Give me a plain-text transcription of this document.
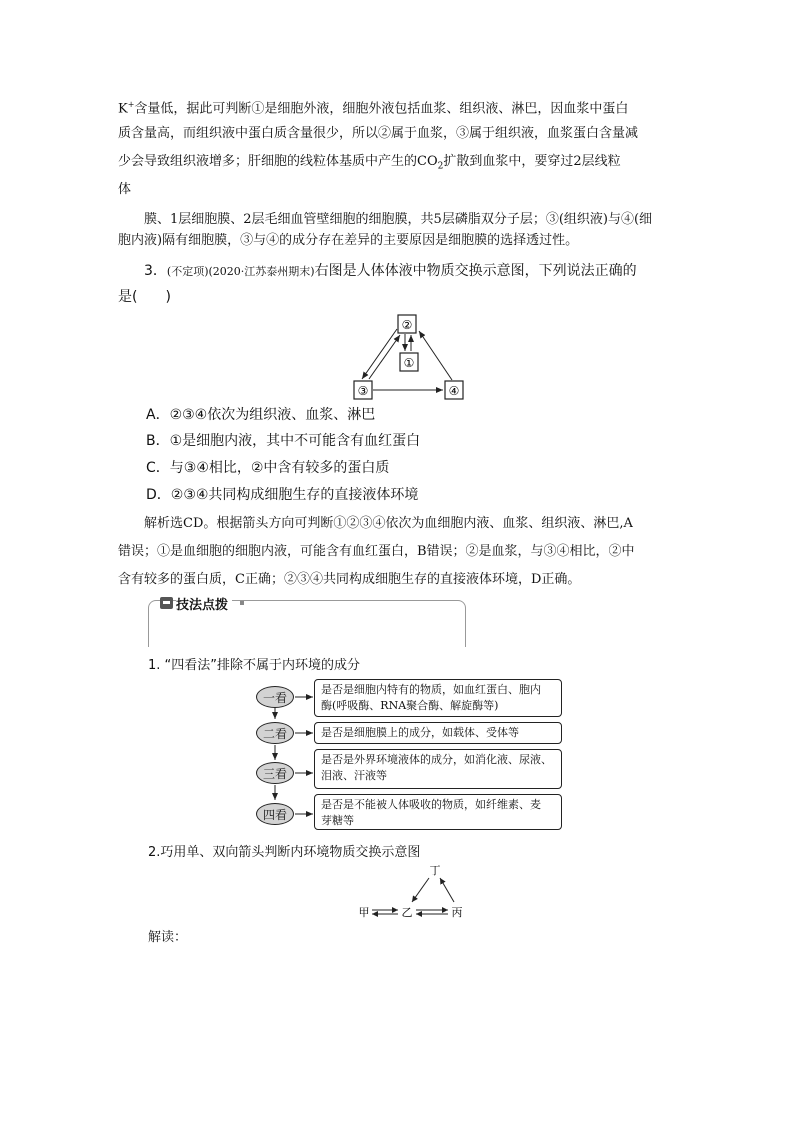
K+含量低，据此可判断①是细胞外液，细胞外液包括血浆、组织液、淋巴，因血浆中蛋白
质含量高，而组织液中蛋白质含量很少，所以②属于血浆，③属于组织液，血浆蛋白含量减
少会导致组织液增多；肝细胞的线粒体基质中产生的$CO_2$扩散到血浆中，要穿过2层线粒
体
膜、1层细胞膜、2层毛细血管壁细胞的细胞膜，共5层磷脂双分子层；③(组织液)与④(细
胞内液)隔有细胞膜，③与④的成分存在差异的主要原因是细胞膜的选择透过性。
3．(不定项)(2020·江苏泰州期末)右图是人体体液中物质交换示意图，下列说法正确的
是(　　)
②
①
③	④
A．②③④依次为组织液、血浆、淋巴
B．①是细胞内液，其中不可能含有血红蛋白
C．与③④相比，②中含有较多的蛋白质
D．②③④共同构成细胞生存的直接液体环境
解析选CD。根据箭头方向可判断①②③④依次为血细胞内液、血浆、组织液、淋巴,A
错误；①是血细胞的细胞内液，可能含有血红蛋白，B错误；②是血浆，与③④相比，②中
含有较多的蛋白质，C正确；②③④共同构成细胞生存的直接液体环境，D正确。
技法点拨
1. “四看法”排除不属于内环境的成分
一看
是否是细胞内特有的物质，如血红蛋白、胞内
酶(呼吸酶、RNA聚合酶、解旋酶等)
二看	是否是细胞膜上的成分，如载体、受体等
三看
是否是外界环境液体的成分，如消化液、尿液、
泪液、汗液等
四看
是否是不能被人体吸收的物质，如纤维素、麦
芽糖等
2.巧用单、双向箭头判断内环境物质交换示意图
丁
甲	乙	丙
解读：
